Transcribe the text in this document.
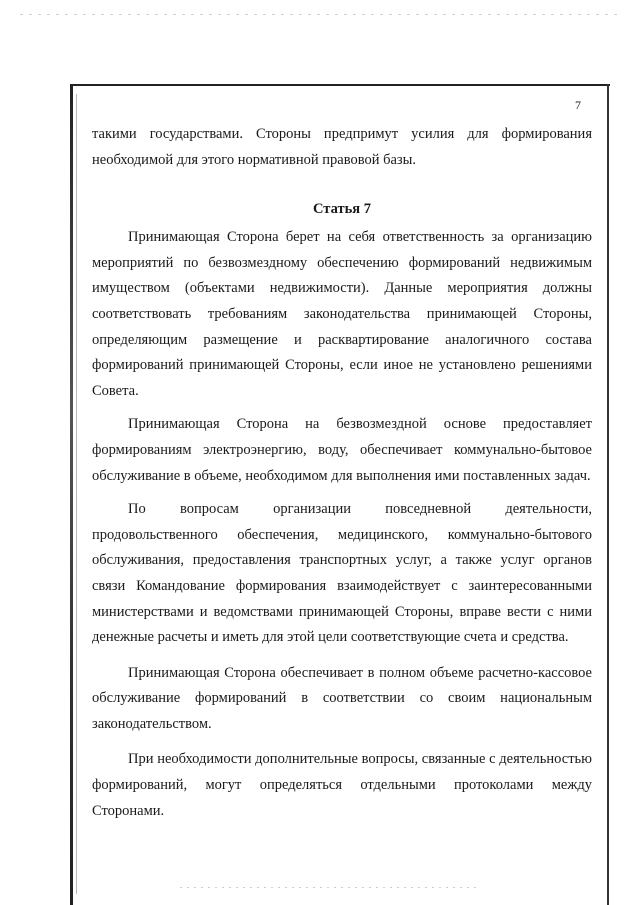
7

такими государствами. Стороны предпримут усилия для формирования необходимой для этого нормативной правовой базы.

Статья 7

Принимающая Сторона берет на себя ответственность за организацию мероприятий по безвозмездному обеспечению формирований недвижимым имуществом (объектами недвижимости). Данные мероприятия должны соответствовать требованиям законодательства принимающей Стороны, определяющим размещение и расквартирование аналогичного состава формирований принимающей Стороны, если иное не установлено решениями Совета.

Принимающая Сторона на безвозмездной основе предоставляет формированиям электроэнергию, воду, обеспечивает коммунально-бытовое обслуживание в объеме, необходимом для выполнения ими поставленных задач.

По вопросам организации повседневной деятельности, продовольственного обеспечения, медицинского, коммунально-бытового обслуживания, предоставления транспортных услуг, а также услуг органов связи Командование формирования взаимодействует с заинтересованными министерствами и ведомствами принимающей Стороны, вправе вести с ними денежные расчеты и иметь для этой цели соответствующие счета и средства.

Принимающая Сторона обеспечивает в полном объеме расчетно-кассовое обслуживание формирований в соответствии со своим национальным законодательством.

При необходимости дополнительные вопросы, связанные с деятельностью формирований, могут определяться отдельными протоколами между Сторонами.
